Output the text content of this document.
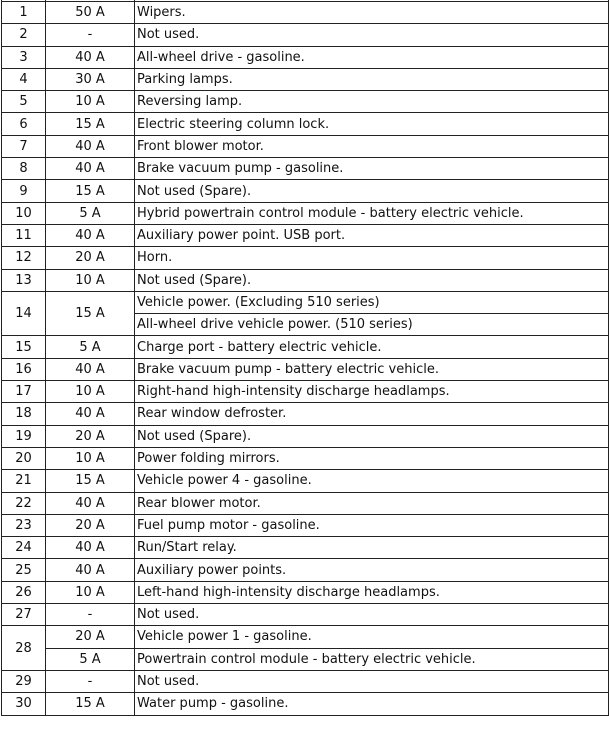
1	50 A	Wipers.
2	-	Not used.
3	40 A	All-wheel drive - gasoline.
4	30 A	Parking lamps.
5	10 A	Reversing lamp.
6	15 A	Electric steering column lock.
7	40 A	Front blower motor.
8	40 A	Brake vacuum pump - gasoline.
9	15 A	Not used (Spare).
10	5 A	Hybrid powertrain control module - battery electric vehicle.
11	40 A	Auxiliary power point. USB port.
12	20 A	Horn.
13	10 A	Not used (Spare).
14	15 A	Vehicle power. (Excluding 510 series)
		All-wheel drive vehicle power. (510 series)
15	5 A	Charge port - battery electric vehicle.
16	40 A	Brake vacuum pump - battery electric vehicle.
17	10 A	Right-hand high-intensity discharge headlamps.
18	40 A	Rear window defroster.
19	20 A	Not used (Spare).
20	10 A	Power folding mirrors.
21	15 A	Vehicle power 4 - gasoline.
22	40 A	Rear blower motor.
23	20 A	Fuel pump motor - gasoline.
24	40 A	Run/Start relay.
25	40 A	Auxiliary power points.
26	10 A	Left-hand high-intensity discharge headlamps.
27	-	Not used.
28	20 A	Vehicle power 1 - gasoline.
	5 A	Powertrain control module - battery electric vehicle.
29	-	Not used.
30	15 A	Water pump - gasoline.
